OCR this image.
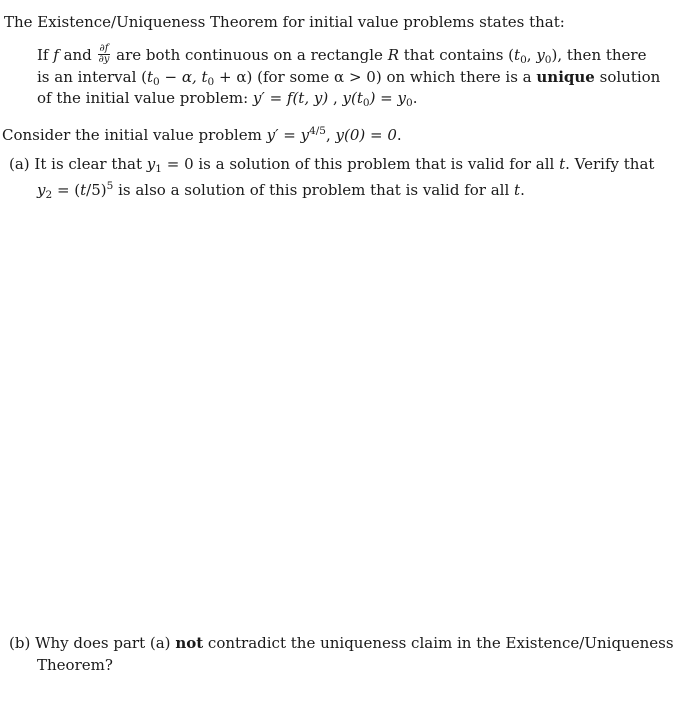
The Existence/Uniqueness Theorem for initial value problems states that:
If f and $\frac{\partial f}{\partial y}$ are both continuous on a rectangle R that contains ($t_0$, $y_0$), then there
is an interval ($t_0 - \alpha$, $t_0 + \alpha$) (for some α > 0) on which there is a unique solution
of the initial value problem: y′ = f(t, y) , $y(t_0) = y_0$.
Consider the initial value problem $y' = y^{4/5}$, y(0) = 0.
(a) It is clear that $y_1 = 0$ is a solution of this problem that is valid for all t. Verify that
$y_2 = (t/5)^5$ is also a solution of this problem that is valid for all t.
(b) Why does part (a) not contradict the uniqueness claim in the Existence/Uniqueness
Theorem?
